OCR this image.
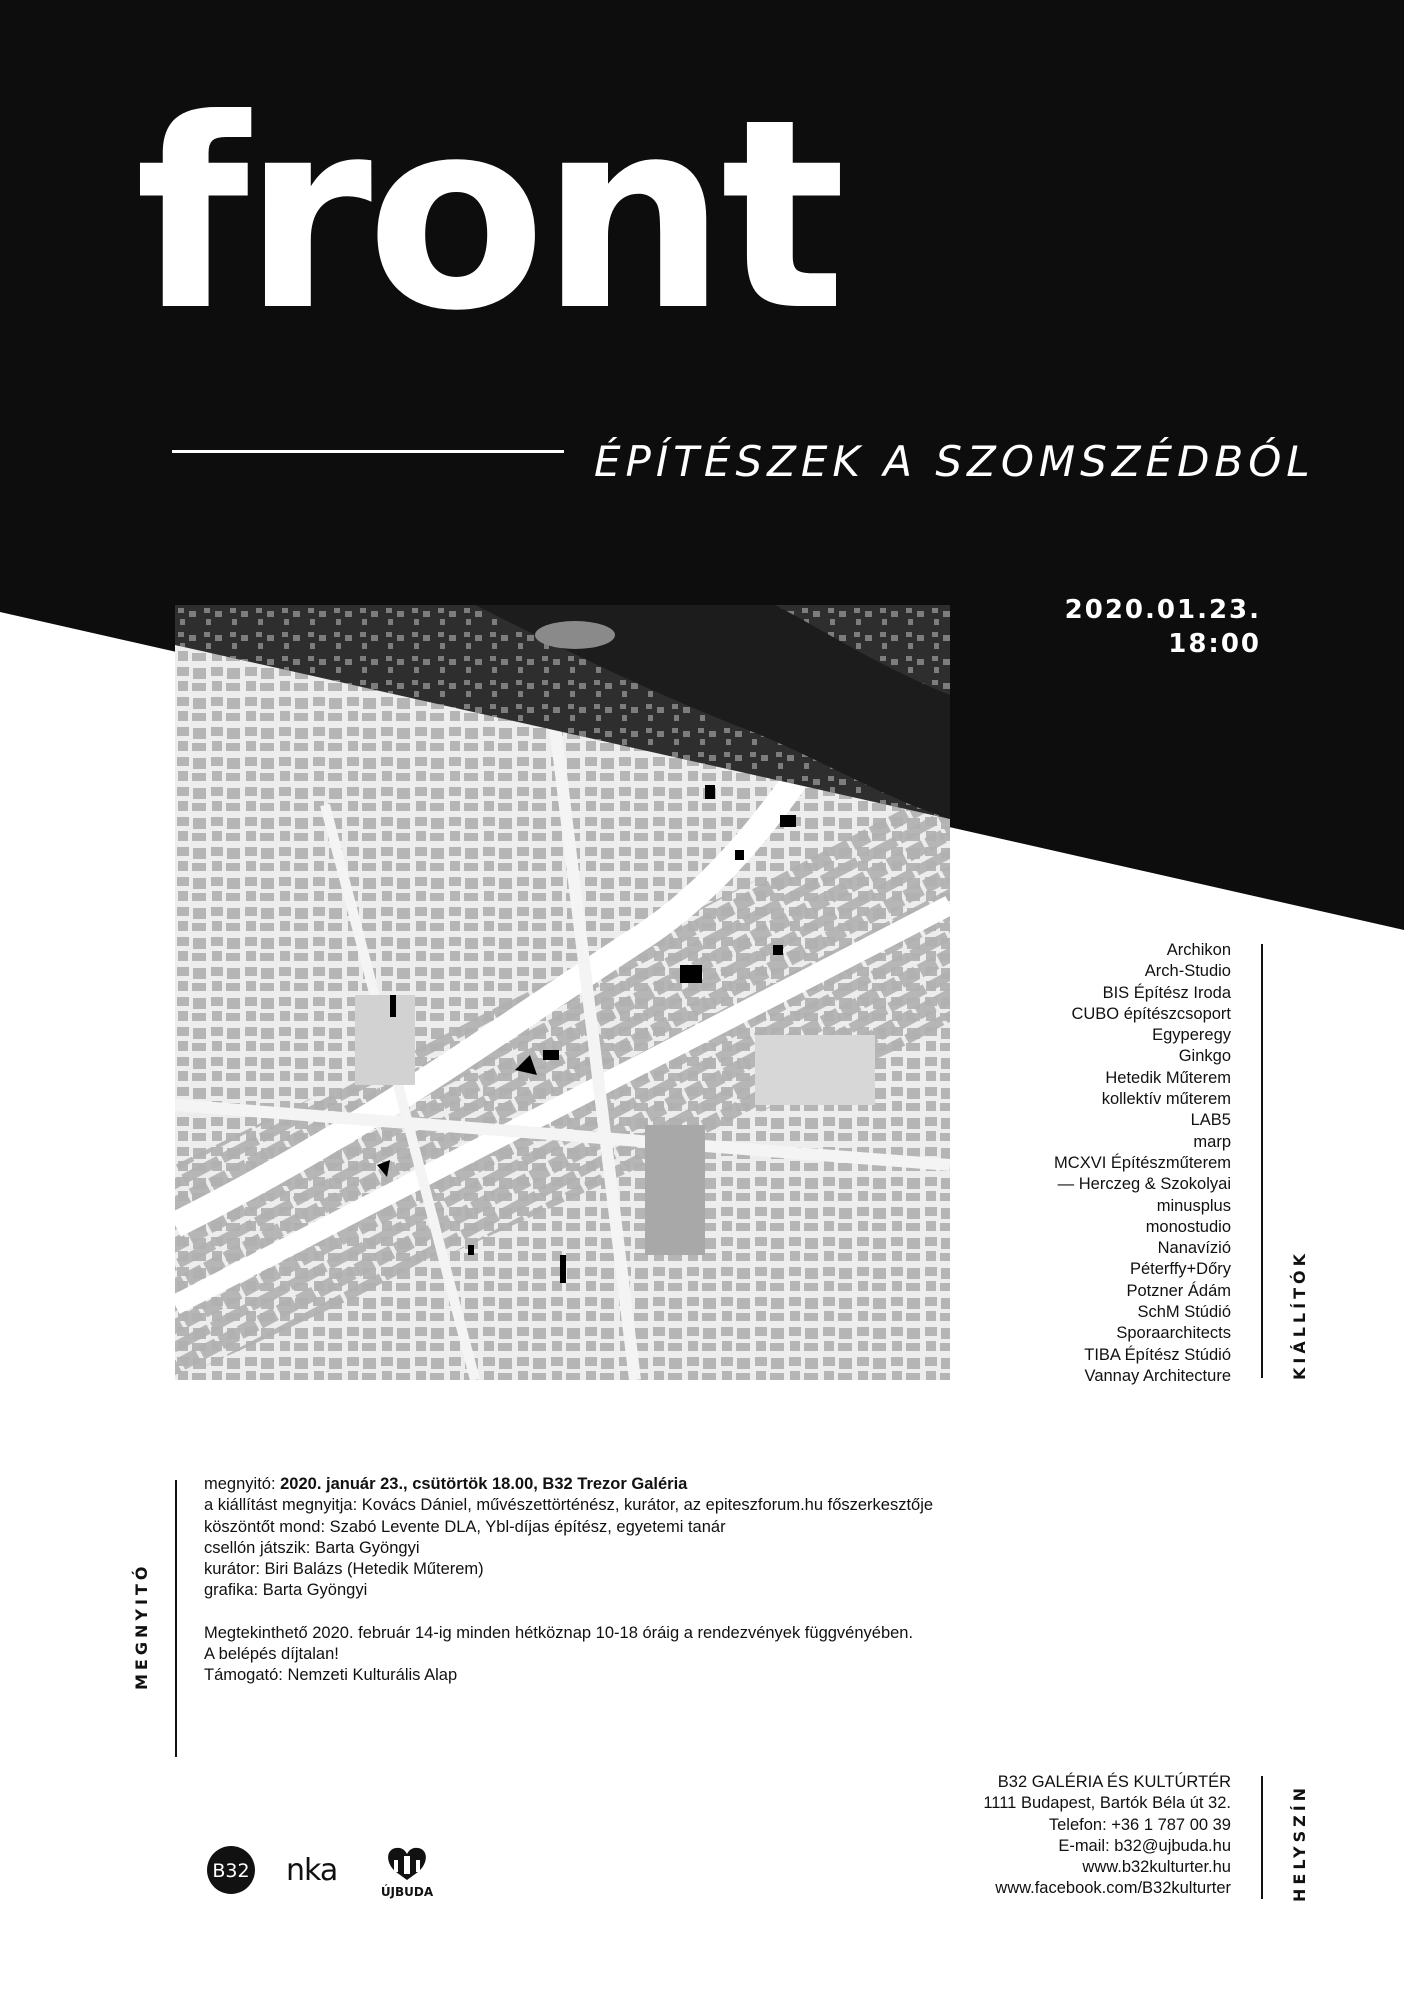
front
ÉPÍTÉSZEK A SZOMSZÉDBÓL
2020.01.23.
18:00
Archikon
Arch-Studio
BIS Építész Iroda
CUBO építészcsoport
Egyperegy
Ginkgo
Hetedik Műterem
kollektív műterem
LAB5
marp
MCXVI Építészműterem
— Herczeg & Szokolyai
minusplus
monostudio
Nanavízió
Péterffy+Dőry
Potzner Ádám
SchM Stúdió
Sporaarchitects
TIBA Építész Stúdió
Vannay Architecture	KIÁLLÍTÓK
MEGNYITÓ
megnyitó: 2020. január 23., csütörtök 18.00, B32 Trezor Galéria
a kiállítást megnyitja: Kovács Dániel, művészettörténész, kurátor, az epiteszforum.hu főszerkesztője
köszöntőt mond: Szabó Levente DLA, Ybl-díjas építész, egyetemi tanár
csellón játszik: Barta Gyöngyi
kurátor: Biri Balázs (Hetedik Műterem)
grafika: Barta Gyöngyi
Megtekinthető 2020. február 14-ig minden hétköznap 10-18 óráig a rendezvények függvényében.
A belépés díjtalan!
Támogató: Nemzeti Kulturális Alap
B32 GALÉRIA ÉS KULTÚRTÉR
1111 Budapest, Bartók Béla út 32.
Telefon: +36 1 787 00 39
E-mail: b32@ujbuda.hu
www.b32kulturter.hu
www.facebook.com/B32kulturter	HELYSZÍN
B32 nka
ÚJBUDA
